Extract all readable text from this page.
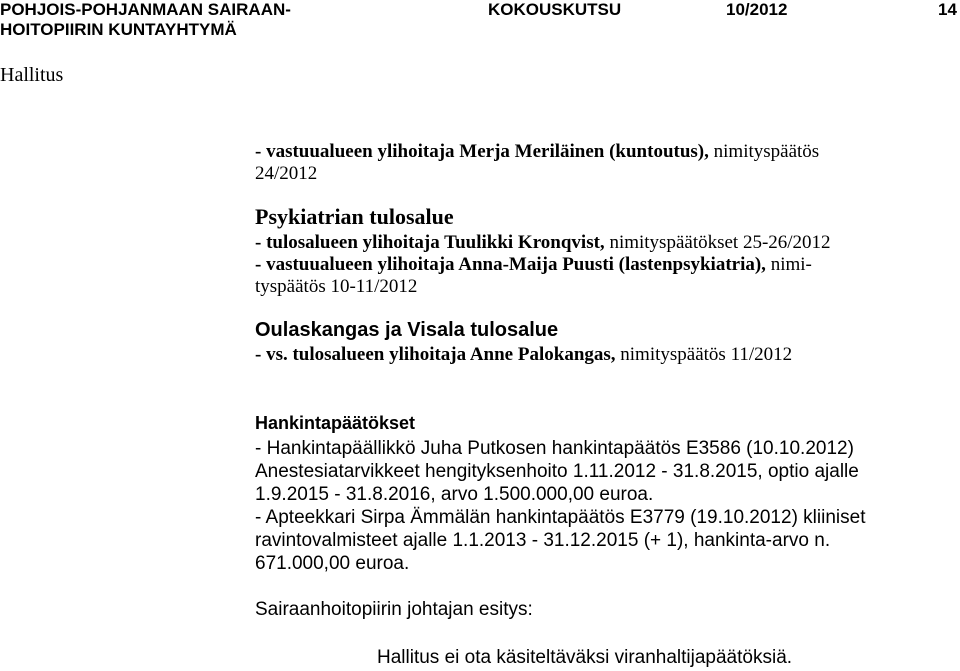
POHJOIS-POHJANMAAN SAIRAAN-
HOITOPIIRIN KUNTAYHTYMÄ
KOKOUSKUTSU	10/2012	14
Hallitus
- vastuualueen ylihoitaja Merja Meriläinen (kuntoutus), nimityspäätös
24/2012
Psykiatrian tulosalue
- tulosalueen ylihoitaja Tuulikki Kronqvist, nimityspäätökset 25-26/2012
- vastuualueen ylihoitaja Anna-Maija Puusti (lastenpsykiatria), nimi-
tyspäätös 10-11/2012
Oulaskangas ja Visala tulosalue
- vs. tulosalueen ylihoitaja Anne Palokangas, nimityspäätös 11/2012
Hankintapäätökset
- Hankintapäällikkö Juha Putkosen hankintapäätös E3586 (10.10.2012)
Anestesiatarvikkeet hengityksenhoito 1.11.2012 - 31.8.2015, optio ajalle
1.9.2015 - 31.8.2016, arvo 1.500.000,00 euroa.
- Apteekkari Sirpa Ämmälän hankintapäätös E3779 (19.10.2012) kliiniset
ravintovalmisteet ajalle 1.1.2013 - 31.12.2015 (+ 1), hankinta-arvo n.
671.000,00 euroa.
Sairaanhoitopiirin johtajan esitys:
Hallitus ei ota käsiteltäväksi viranhaltijapäätöksiä.
